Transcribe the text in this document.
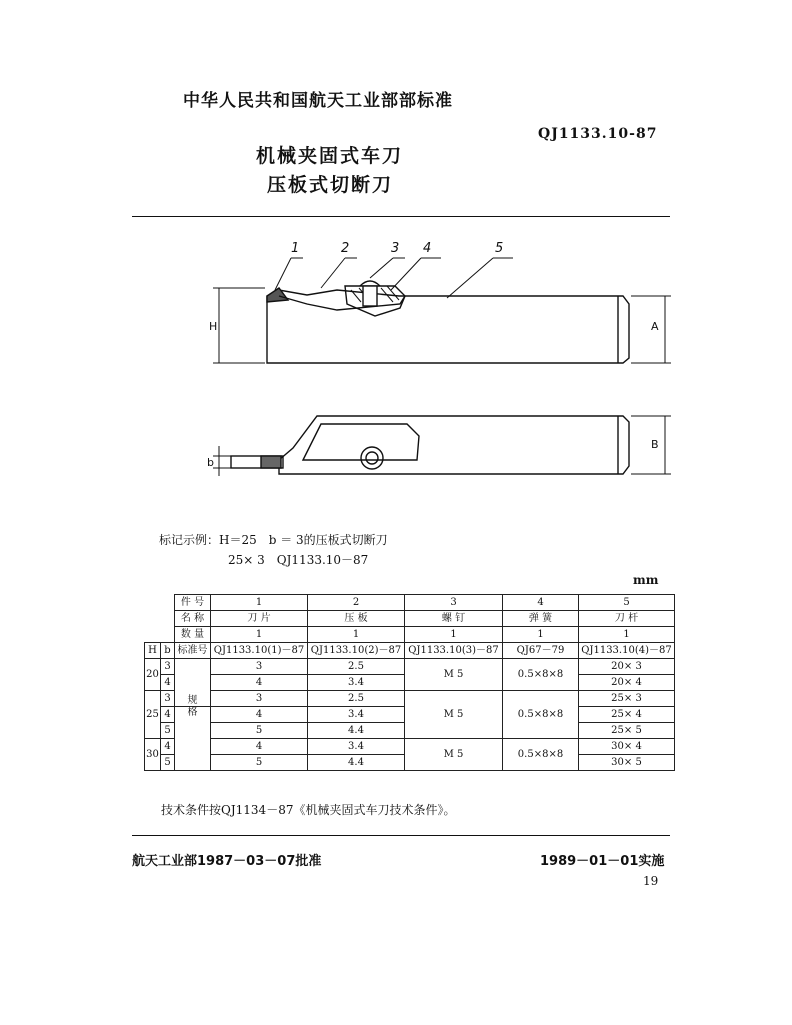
中华人民共和国航天工业部部标准
QJ1133.10-87
机械夹固式车刀
压板式切断刀
1	2	3 4	5
H	A
b
B
标记示例：H＝25　b ＝ 3的压板式切断刀
25× 3　QJ1133.10－87
mm
		件 号	1	2	3	4	5
		名 称	刀 片	压 板	螺 钉	弹 簧	刀 杆
		数 量	1	1	1	1	1
H	b	标准号	QJ1133.10(1)－87	QJ1133.10(2)－87	QJ1133.10(3)－87	QJ67－79	QJ1133.10(4)－87
20	3	规	3	2.5	M 5	0.5×8×8	20× 3
	4		4	3.4			20× 4
25	3		3	2.5	M 5	0.5×8×8	25× 3
	4	格	4	3.4			25× 4
	5		5	4.4			25× 5
30	4		4	3.4	M 5	0.5×8×8	30× 4
	5		5	4.4			30× 5
技术条件按QJ1134－87《机械夹固式车刀技术条件》。
航天工业部1987－03－07批准	1989－01－01实施
19
